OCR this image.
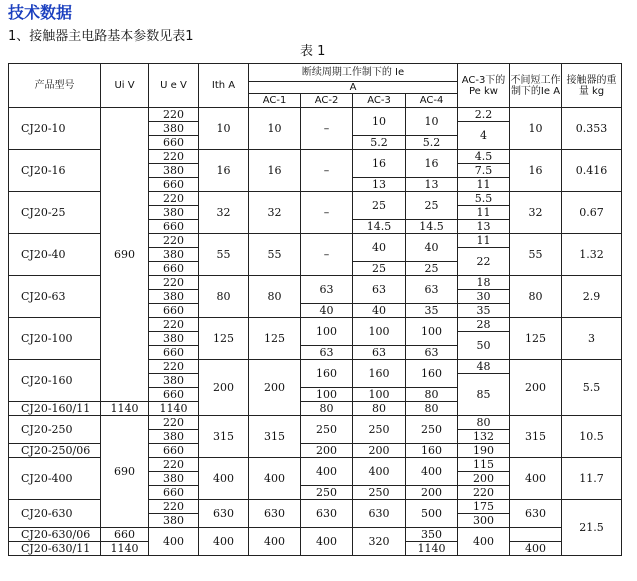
技术数据
1、接触器主电路基本参数见表1
表 1
产品型号	Ui V	U e V	Ith A	断续周期工作制下的 Ie				AC-3下的Pe kw	不间短工作制下的Ie A	接触器的重量 kg
				A						
				AC-1	AC-2	AC-3	AC-4			
CJ20-10	690	220	10	10	–	10	10	2.2	10	0.353
		380						4		
		660				5.2	5.2			
CJ20-16		220	16	16	–	16	16	4.5	16	0.416
		380						7.5		
		660				13	13	11		
CJ20-25		220	32	32	–	25	25	5.5	32	0.67
		380						11		
		660				14.5	14.5	13		
CJ20-40		220	55	55	–	40	40	11	55	1.32
		380						22		
		660				25	25			
CJ20-63		220	80	80	63	63	63	18	80	2.9
		380						30		
		660			40	40	35	35		
CJ20-100		220	125	125	100	100	100	28	125	3
		380						50		
		660			63	63	63			
CJ20-160		220	200	200	160	160	160	48	200	5.5
		380						85		
		660			100	100	80			
CJ20-160/11	1140	1140			80	80	80			
CJ20-250	690	220	315	315	250	250	250	80	315	10.5
		380						132		
CJ20-250/06		660			200	200	160	190		
CJ20-400		220	400	400	400	400	400	115	400	11.7
		380						200		
		660			250	250	200	220		
CJ20-630		220	630	630	630	630	500	175	630	21.5
		380						300		
CJ20-630/06	660	400	400	400	400	320	350	400		
CJ20-630/11	1140						1140		400	
